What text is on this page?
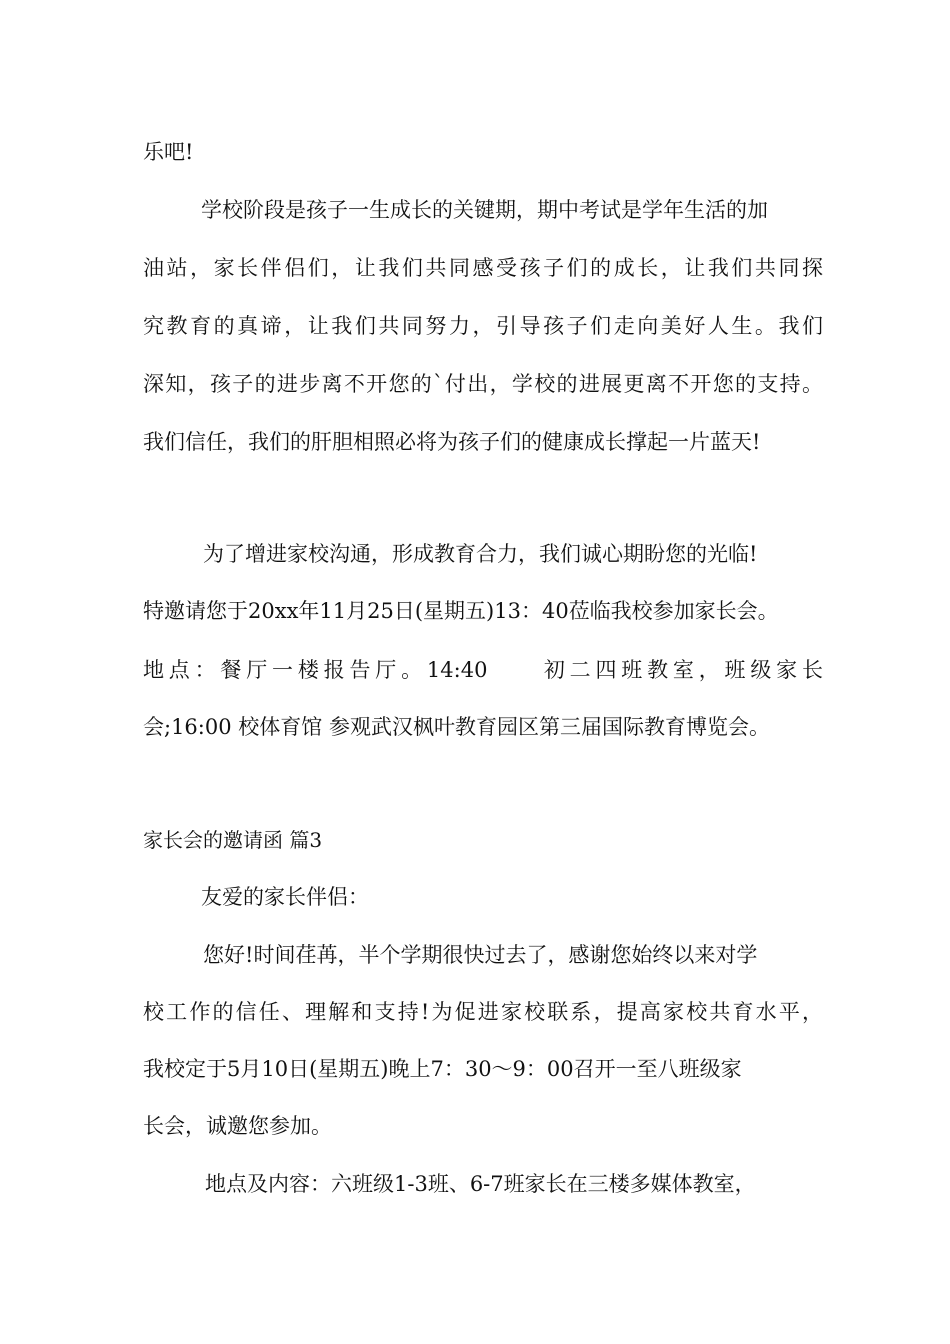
乐吧!
学校阶段是孩子一生成长的关键期，期中考试是学年生活的加
油站，家长伴侣们，让我们共同感受孩子们的成长，让我们共同探
究教育的真谛，让我们共同努力，引导孩子们走向美好人生。我们
深知，孩子的进步离不开您的`付出，学校的进展更离不开您的支持。
我们信任，我们的肝胆相照必将为孩子们的健康成长撑起一片蓝天!
为了增进家校沟通，形成教育合力，我们诚心期盼您的光临!
特邀请您于20xx年11月25日(星期五)13：40莅临我校参加家长会。
地点：餐厅一楼报告厅。14:40　　初二四班教室，班级家长
会;16:00 校体育馆 参观武汉枫叶教育园区第三届国际教育博览会。
家长会的邀请函 篇3
友爱的家长伴侣：
您好!时间荏苒，半个学期很快过去了，感谢您始终以来对学
校工作的信任、理解和支持!为促进家校联系，提高家校共育水平，
我校定于5月10日(星期五)晚上7：30～9：00召开一至八班级家
长会，诚邀您参加。
地点及内容：六班级1-3班、6-7班家长在三楼多媒体教室，
